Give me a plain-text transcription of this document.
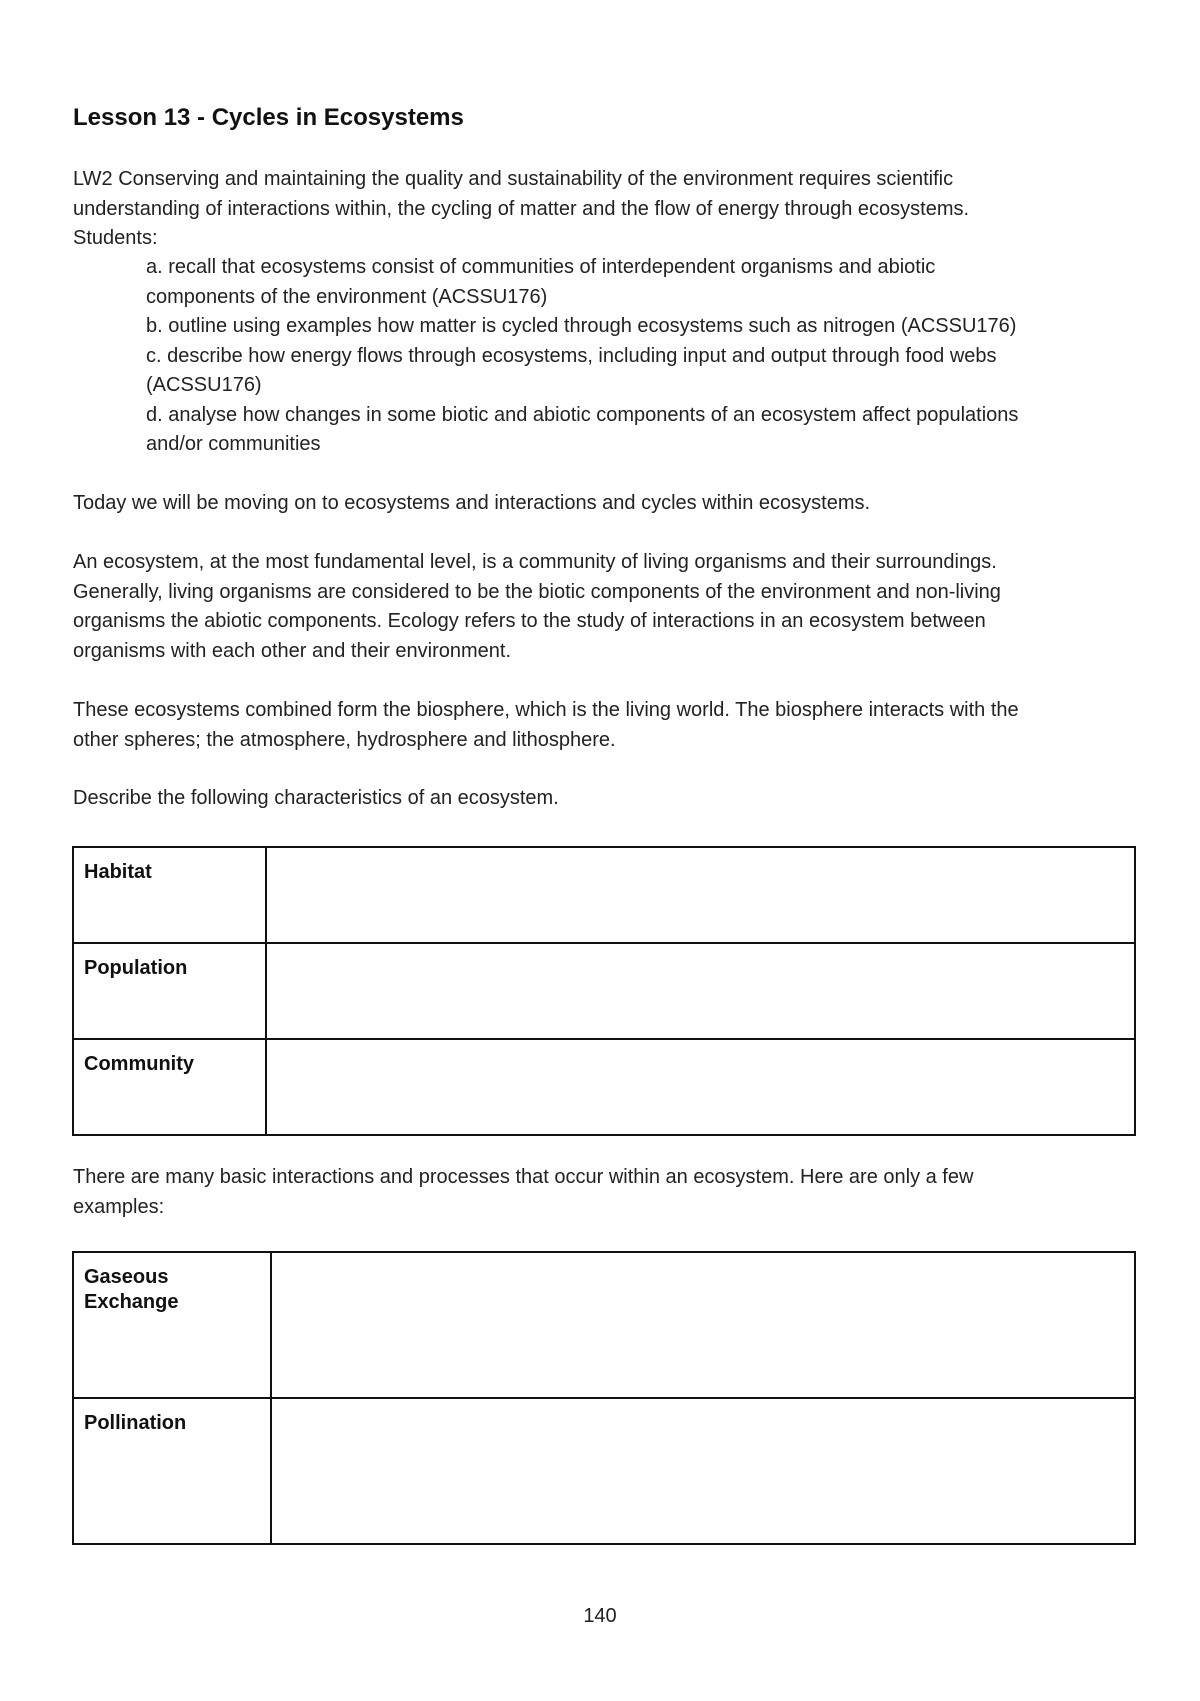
Lesson 13 - Cycles in Ecosystems
LW2 Conserving and maintaining the quality and sustainability of the environment requires scientific
understanding of interactions within, the cycling of matter and the flow of energy through ecosystems.
Students:
a. recall that ecosystems consist of communities of interdependent organisms and abiotic
components of the environment (ACSSU176)
b. outline using examples how matter is cycled through ecosystems such as nitrogen (ACSSU176)
c. describe how energy flows through ecosystems, including input and output through food webs
(ACSSU176)
d. analyse how changes in some biotic and abiotic components of an ecosystem affect populations
and/or communities

Today we will be moving on to ecosystems and interactions and cycles within ecosystems.

An ecosystem, at the most fundamental level, is a community of living organisms and their surroundings.
Generally, living organisms are considered to be the biotic components of the environment and non-living
organisms the abiotic components. Ecology refers to the study of interactions in an ecosystem between
organisms with each other and their environment.
These ecosystems combined form the biosphere, which is the living world. The biosphere interacts with the
other spheres; the atmosphere, hydrosphere and lithosphere.

Describe the following characteristics of an ecosystem.

Habitat	
Population	
Community	
There are many basic interactions and processes that occur within an ecosystem. Here are only a few
examples:
Gaseous Exchange	
Pollination	
140
